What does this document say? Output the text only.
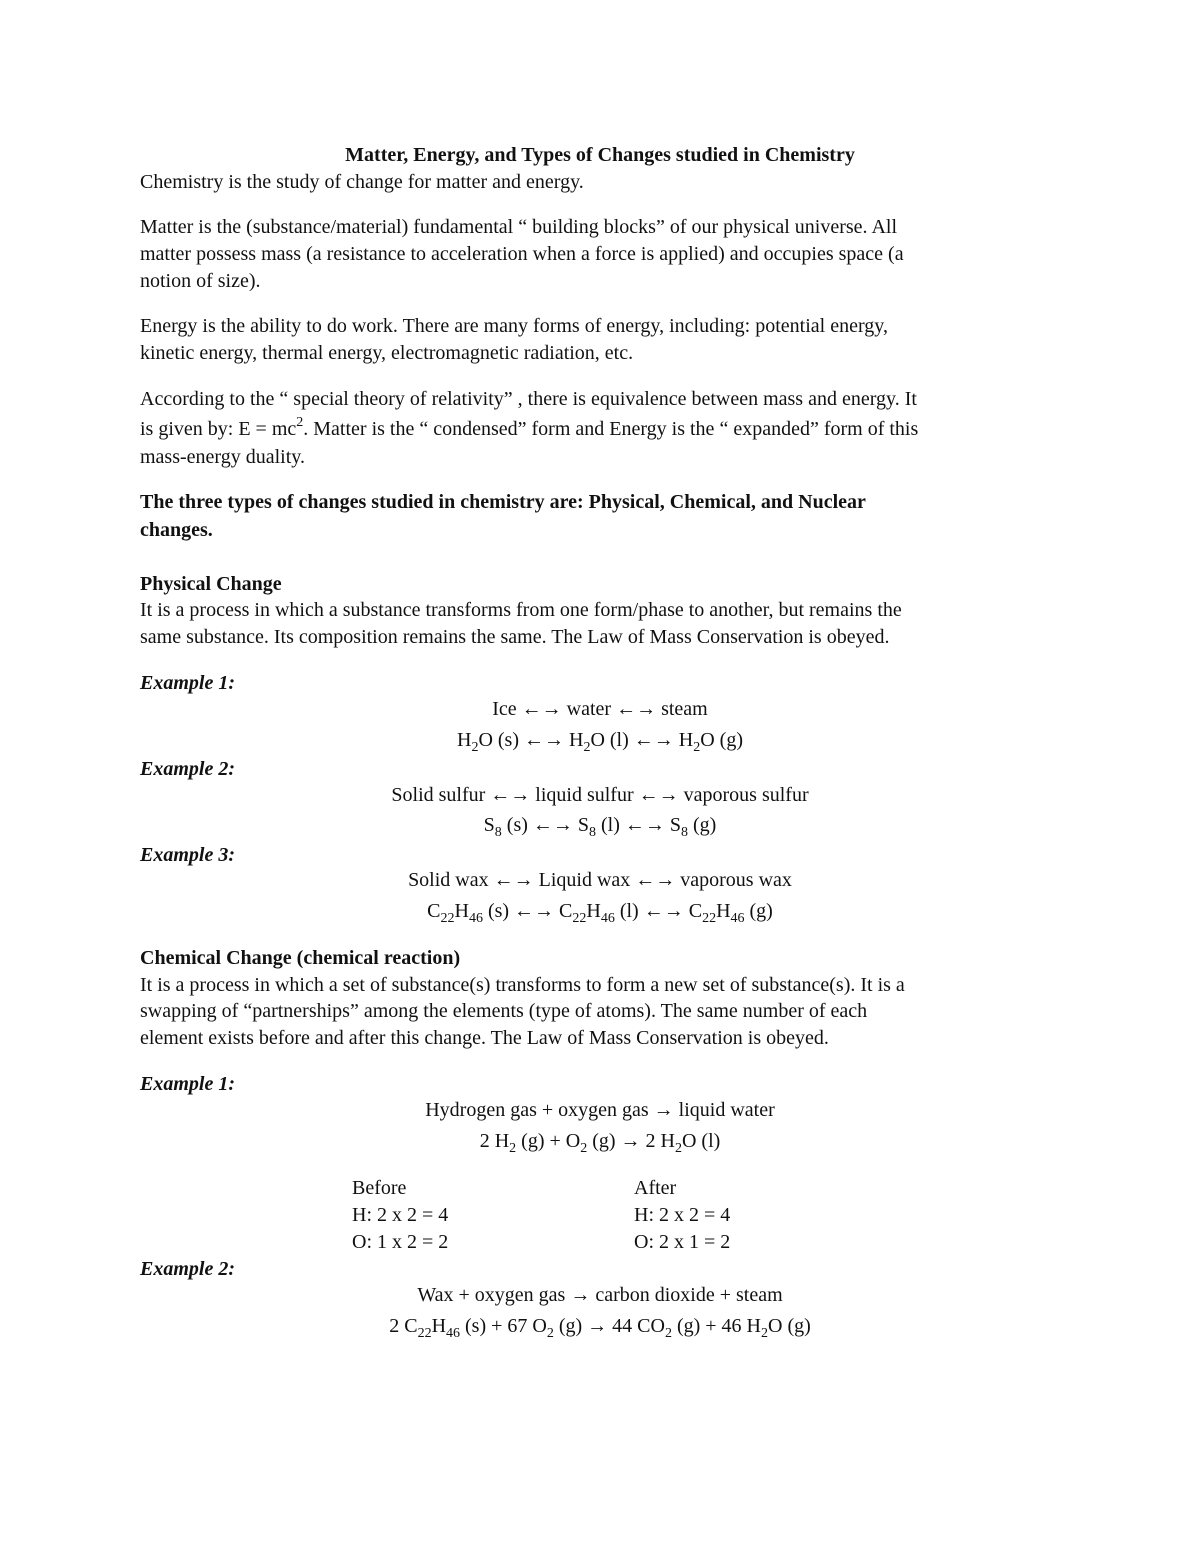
Matter, Energy, and Types of Changes studied in Chemistry
Chemistry is the study of change for matter and energy.
Matter is the (substance/material) fundamental “ building blocks” of our physical universe. All
matter possess mass (a resistance to acceleration when a force is applied) and occupies space (a
notion of size).
Energy is the ability to do work. There are many forms of energy, including: potential energy,
kinetic energy, thermal energy, electromagnetic radiation, etc.
According to the “ special theory of relativity” , there is equivalence between mass and energy. It
is given by: $E = mc^2$. Matter is the “ condensed” form and Energy is the “ expanded” form of this
mass-energy duality.
The three types of changes studied in chemistry are: Physical, Chemical, and Nuclear
changes.
Physical Change
It is a process in which a substance transforms from one form/phase to another, but remains the
same substance. Its composition remains the same. The Law of Mass Conservation is obeyed.
Example 1:
Ice ←→ water ←→ steam
$H_2O$ (s) ←→ $H_2O$ (l) ←→ $H_2O$ (g)
Example 2:
Solid sulfur ←→ liquid sulfur ←→ vaporous sulfur
$S_8$ (s) ←→ $S_8$ (l) ←→ $S_8$ (g)
Example 3:
Solid wax ←→ Liquid wax ←→ vaporous wax
$C_{22}H_{46}$ (s) ←→ $C_{22}H_{46}$ (l) ←→ $C_{22}H_{46}$ (g)
Chemical Change (chemical reaction)
It is a process in which a set of substance(s) transforms to form a new set of substance(s). It is a
swapping of “partnerships” among the elements (type of atoms). The same number of each
element exists before and after this change. The Law of Mass Conservation is obeyed.
Example 1:
Hydrogen gas + oxygen gas → liquid water
2 $H_2$ $(g) + O_2$ (g) → 2 $H_2O$ (l)
Before
H: 2 x 2 = 4
O: 1 x 2 = 2
After
H: 2 x 2 = 4
O: 2 x 1 = 2
Example 2:
Wax + oxygen gas → carbon dioxide + steam
2 $C_{22}H_{46}$ (s) + 67 $O_2$ (g) → 44 $CO_2$ (g) + 46 $H_2O$ (g)
